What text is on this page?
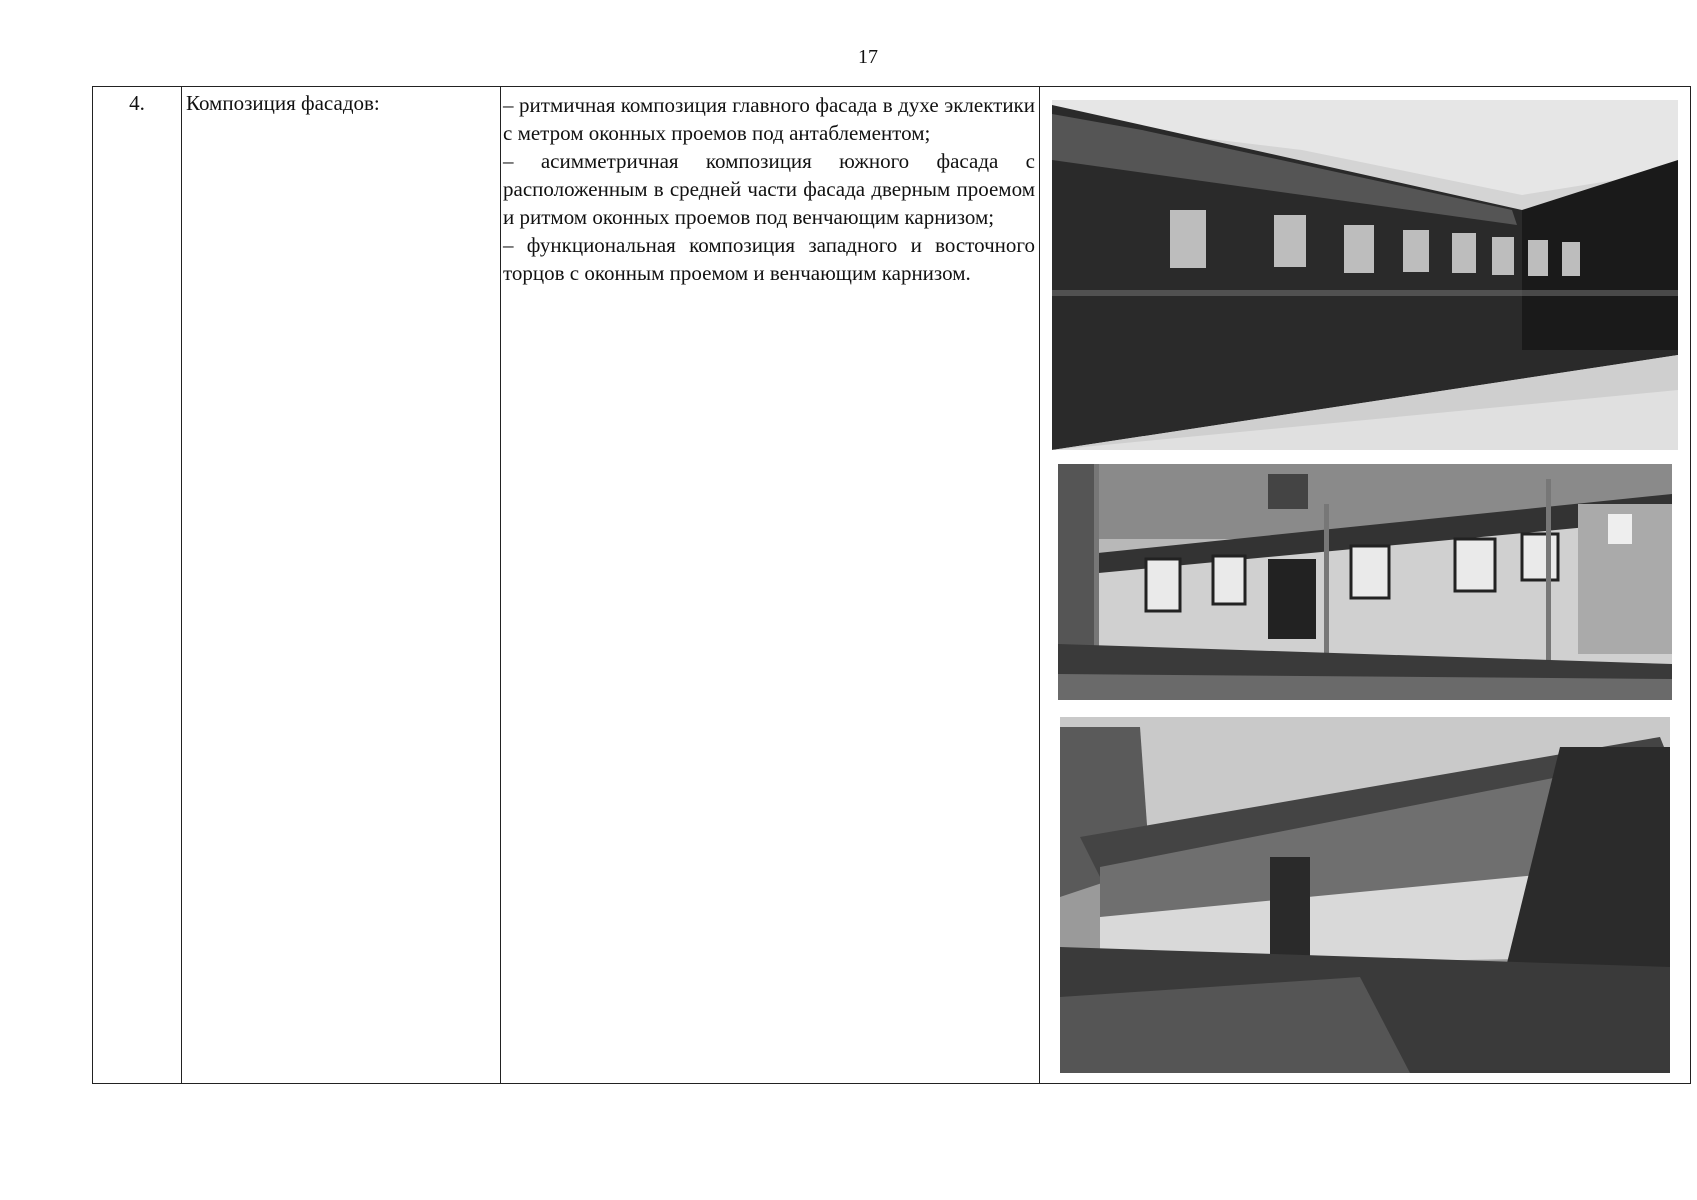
17
4.	Композиция фасадов:	– ритмичная композиция главного фасада в духе эклектики с метром оконных проемов под антаблементом;

– асимметричная композиция южного фасада с расположенным в средней части фасада дверным проемом и ритмом оконных проемов под венчающим карнизом;

– функциональная композиция западного и восточного торцов с оконным проемом и венчающим карнизом.
